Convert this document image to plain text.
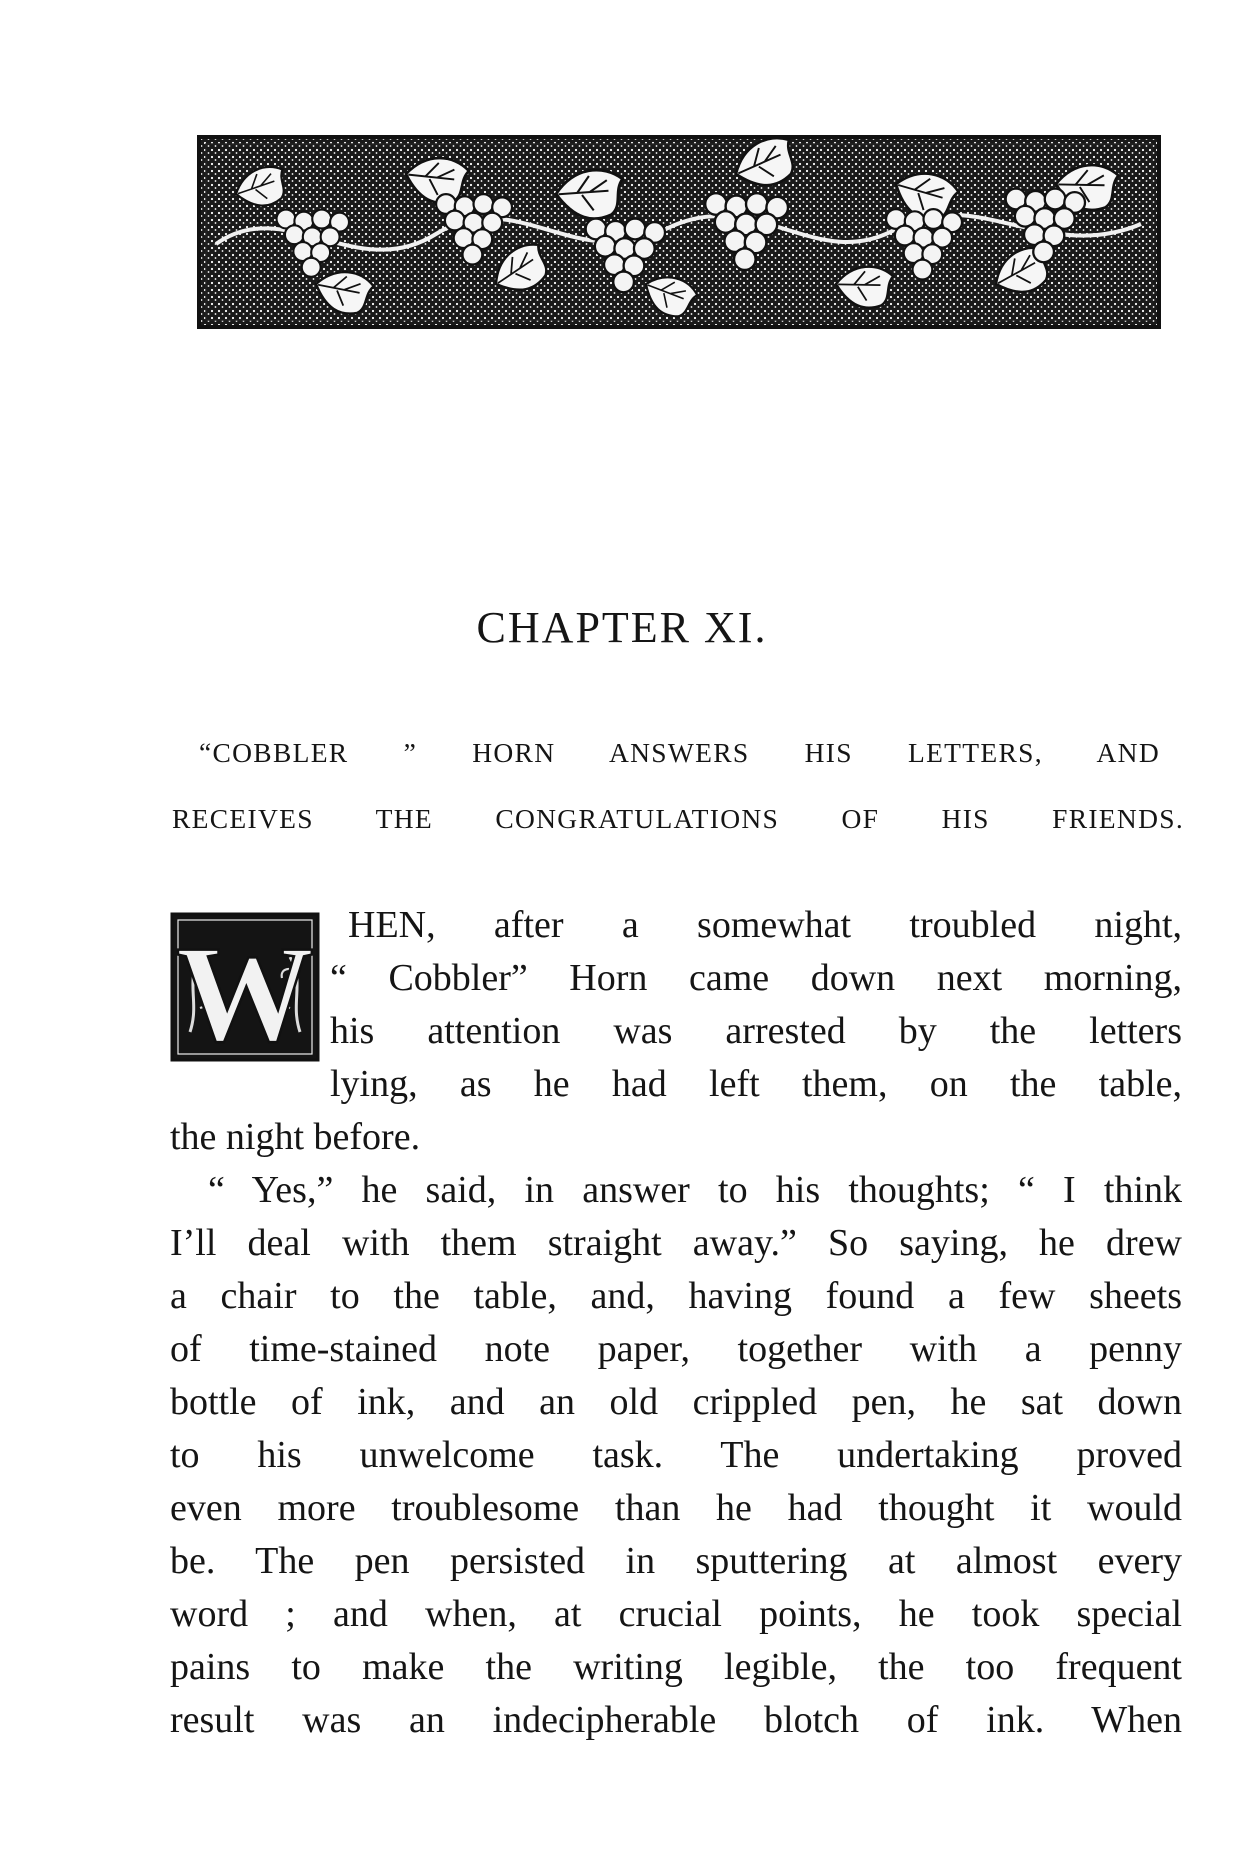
CHAPTER XI.
“COBBLER ” HORN ANSWERS HIS LETTERS, AND
RECEIVES THE CONGRATULATIONS OF HIS FRIENDS.
W HEN, after a somewhat troubled night,
“ Cobbler” Horn came down next morning,
his attention was arrested by the letters
lying, as he had left them, on the table,
the night before.
“ Yes,” he said, in answer to his thoughts; “ I think
I’ll deal with them straight away.” So saying, he drew
a chair to the table, and, having found a few sheets
of time-stained note paper, together with a penny
bottle of ink, and an old crippled pen, he sat down
to his unwelcome task. The undertaking proved
even more troublesome than he had thought it would
be. The pen persisted in sputtering at almost every
word ; and when, at crucial points, he took special
pains to make the writing legible, the too frequent
result was an indecipherable blotch of ink. When
